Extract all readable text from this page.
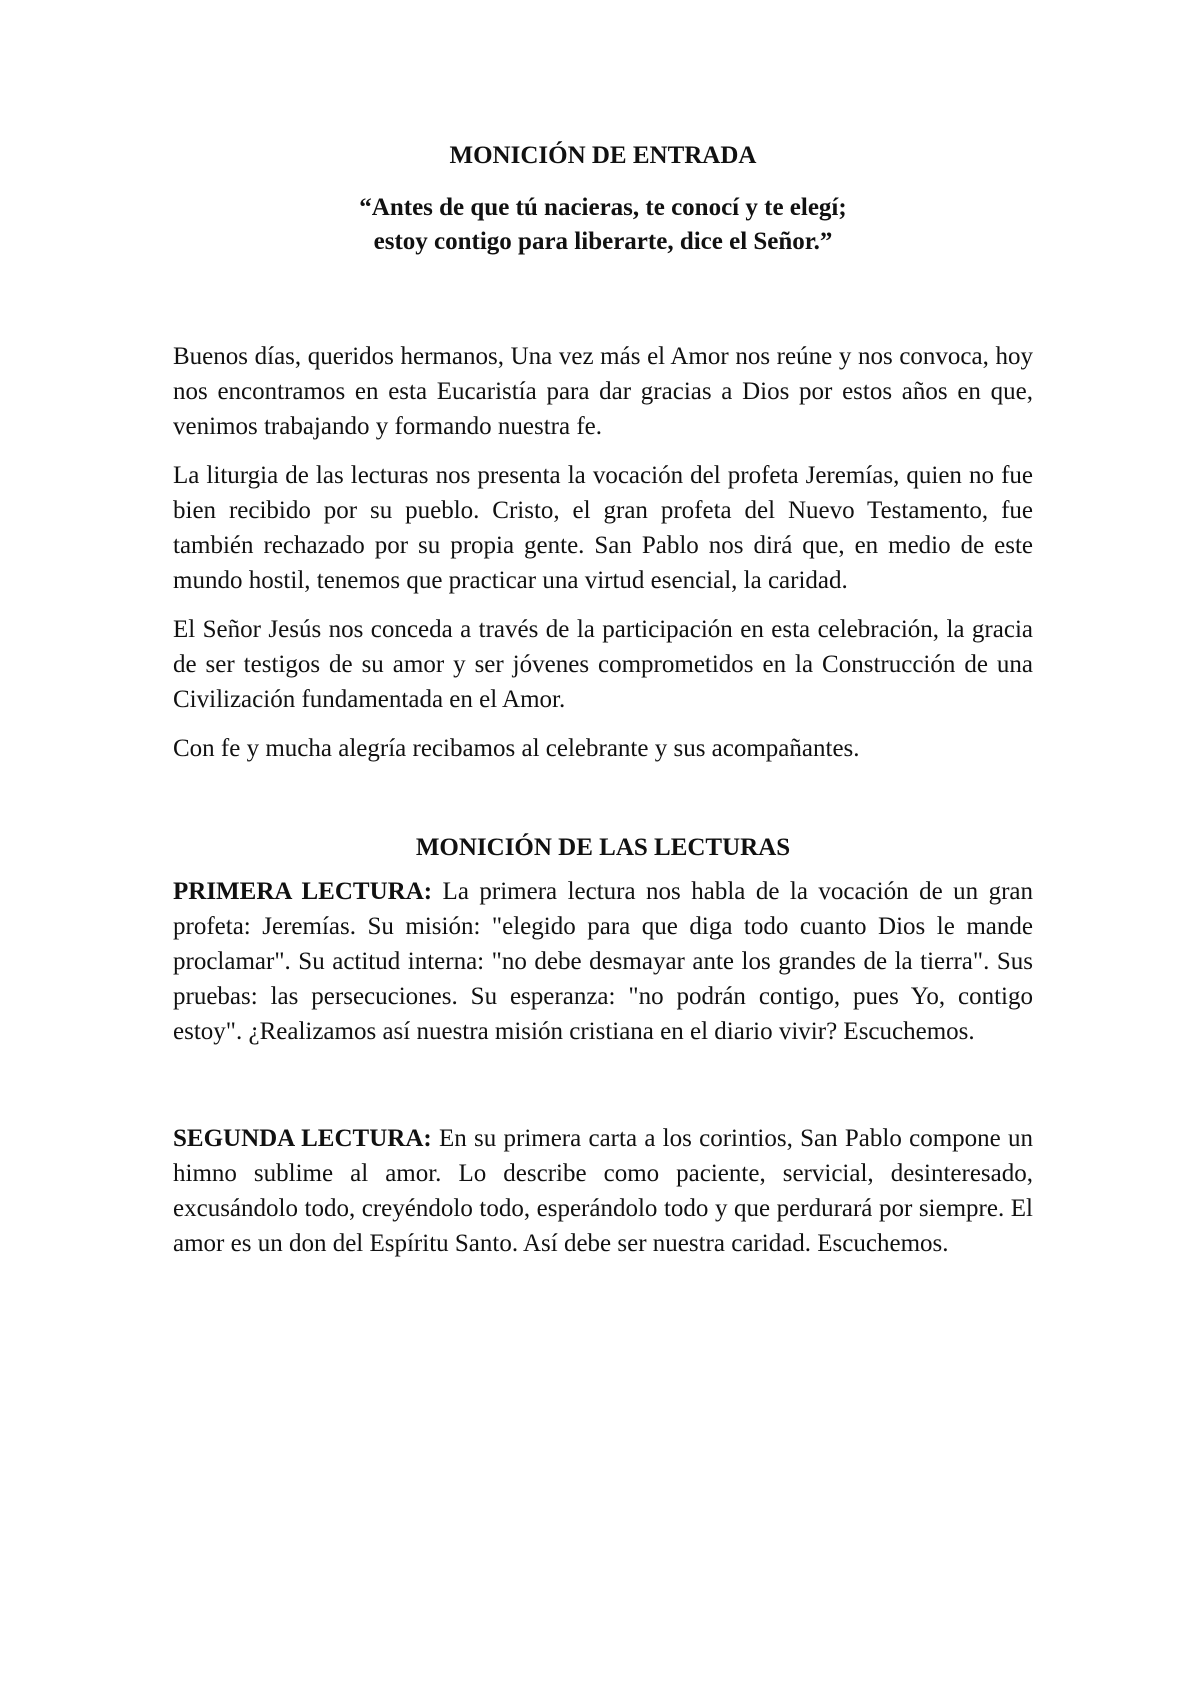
MONICIÓN DE ENTRADA

“Antes de que tú nacieras, te conocí y te elegí;
estoy contigo para liberarte, dice el Señor.”

Buenos días, queridos hermanos, Una vez más el Amor nos reúne y nos convoca, hoy nos encontramos en esta Eucaristía para dar gracias a Dios por estos años en que, venimos trabajando y formando nuestra fe.

La liturgia de las lecturas nos presenta la vocación del profeta Jeremías, quien no fue bien recibido por su pueblo. Cristo, el gran profeta del Nuevo Testamento, fue también rechazado por su propia gente. San Pablo nos dirá que, en medio de este mundo hostil, tenemos que practicar una virtud esencial, la caridad.

El Señor Jesús nos conceda a través de la participación en esta celebración, la gracia de ser testigos de su amor y ser jóvenes comprometidos en la Construcción de una Civilización fundamentada en el Amor.

Con fe y mucha alegría recibamos al celebrante y sus acompañantes.

MONICIÓN DE LAS LECTURAS

PRIMERA LECTURA: La primera lectura nos habla de la vocación de un gran profeta: Jeremías. Su misión: "elegido para que diga todo cuanto Dios le mande proclamar". Su actitud interna: "no debe desmayar ante los grandes de la tierra". Sus pruebas: las persecuciones. Su esperanza: "no podrán contigo, pues Yo, contigo estoy". ¿Realizamos así nuestra misión cristiana en el diario vivir? Escuchemos.

SEGUNDA LECTURA: En su primera carta a los corintios, San Pablo compone un himno sublime al amor. Lo describe como paciente, servicial, desinteresado, excusándolo todo, creyéndolo todo, esperándolo todo y que perdurará por siempre. El amor es un don del Espíritu Santo. Así debe ser nuestra caridad. Escuchemos.
